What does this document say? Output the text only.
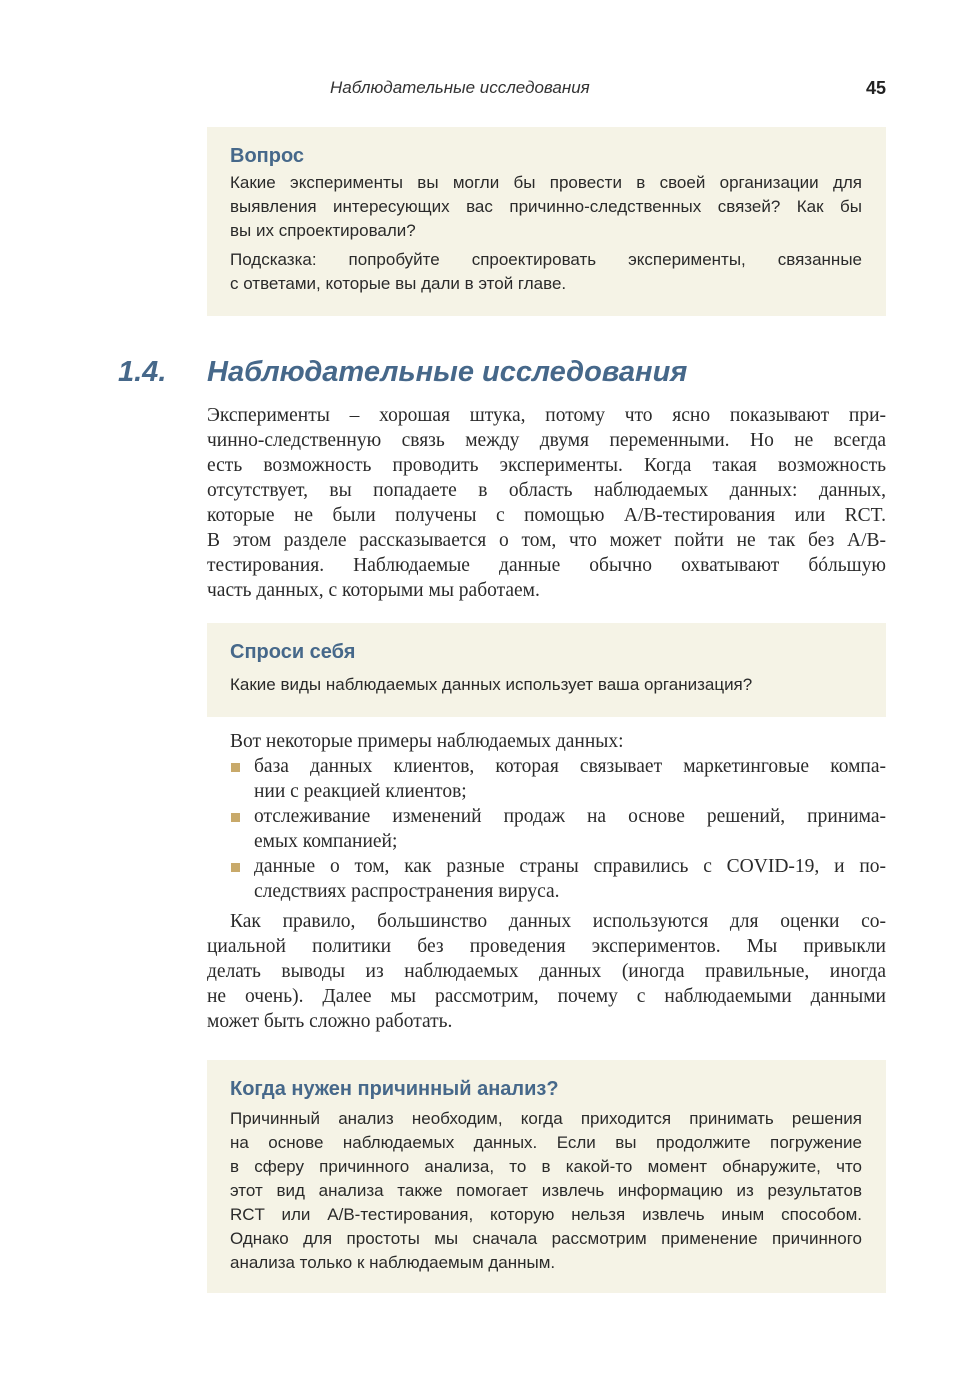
Наблюдательные исследования	45
Вопрос
Какие эксперименты вы могли бы провести в своей организации для
выявления интересующих вас причинно-следственных связей? Как бы
вы их спроектировали?
Подсказка: попробуйте спроектировать эксперименты, связанные
с ответами, которые вы дали в этой главе.
1.4. Наблюдательные исследования
Эксперименты – хорошая штука, потому что ясно показывают при-
чинно-следственную связь между двумя переменными. Но не всегда
есть возможность проводить эксперименты. Когда такая возможность
отсутствует, вы попадаете в область наблюдаемых данных: данных,
которые не были получены с помощью A/B-тестирования или RCT.
В этом разделе рассказывается о том, что может пойти не так без A/B-
тестирования. Наблюдаемые данные обычно охватывают бóльшую
часть данных, с которыми мы работаем.
Спроси себя
Какие виды наблюдаемых данных использует ваша организация?
Вот некоторые примеры наблюдаемых данных:
база данных клиентов, которая связывает маркетинговые компа-
нии с реакцией клиентов;
отслеживание изменений продаж на основе решений, принима-
емых компанией;
данные о том, как разные страны справились с COVID-19, и по-
следствиях распространения вируса.
Как правило, большинство данных используются для оценки со-
циальной политики без проведения экспериментов. Мы привыкли
делать выводы из наблюдаемых данных (иногда правильные, иногда
не очень). Далее мы рассмотрим, почему с наблюдаемыми данными
может быть сложно работать.
Когда нужен причинный анализ?
Причинный анализ необходим, когда приходится принимать решения
на основе наблюдаемых данных. Если вы продолжите погружение
в сферу причинного анализа, то в какой-то момент обнаружите, что
этот вид анализа также помогает извлечь информацию из результатов
RCT или A/B-тестирования, которую нельзя извлечь иным способом.
Однако для простоты мы сначала рассмотрим применение причинного
анализа только к наблюдаемым данным.
